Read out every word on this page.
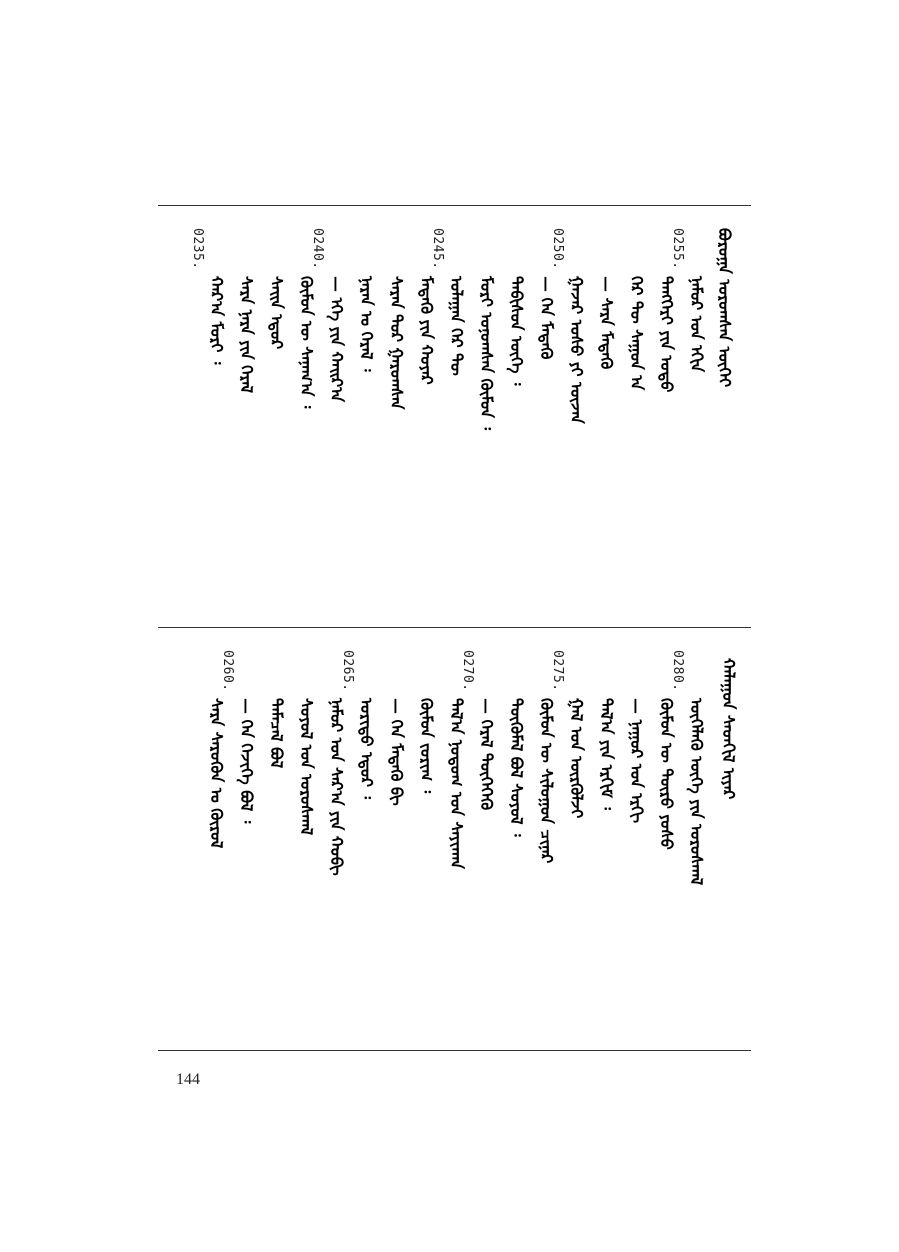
ᠪᠣᠷᠤᠭᠠ ᠣᠷᠣᠭᠰᠠᠨ ᠦᠭᠡᠢ
0255.
ᠨᠠᠮᠤᠷ ᠤᠨ ᠡᠬᠢᠨ
ᠲᠡᠩᠭᠡᠷᠢ ᠶᠢᠨ ᠣᠳᠣ
ᠭᠡᠷ ᠲᠦ ᠰᠠᠭᠤᠨ ᠠ
— ᠰᠠᠷᠠ ᠮᠡᠳᠡᠬᠦ
0250.
ᠭᠠᠵᠠᠷ ᠤᠰᠤ ᠶᠢ ᠦᠵᠡᠨ
— ᠬᠡᠨ ᠮᠡᠳᠡᠬᠦ
ᠲᠠᠪᠢᠰᠤᠨ ᠦᠭᠡ ᠄
ᠮᠣᠷᠢ ᠤᠨᠤᠭᠰᠠᠨ ᠬᠥᠮᠦᠨ ᠄
0245.
ᠤᠯᠠᠭᠠᠨ ᠭᠡᠷ ᠲᠦ
ᠮᠡᠳᠡᠬᠦ ᠶᠢᠨ ᠬᠣᠶᠠᠷ
ᠰᠠᠷᠠᠨ ᠳᠣᠷ ᠭᠠᠷᠤᠭᠰᠠᠨ
ᠨᠠᠷᠠᠨ ᠤ ᠭᠡᠷᠡᠯ ᠄
0240.
— ᠡᠬᠡ ᠶᠢᠨ ᠬᠠᠢᠷ᠎ᠠ
ᠬᠦᠮᠦᠨ ᠦ ᠰᠠᠨᠠᠭ᠎ᠠ ᠄
ᠰᠠᠢᠨ ᠡᠳᠦᠷ
ᠰᠠᠷᠠ ᠨᠠᠷᠠ ᠶᠢᠨ ᠭᠡᠷᠡᠯ
0235.
ᠬᠠᠷ᠎ᠠ ᠮᠣᠷᠢ ᠄
ᠬᠠᠯᠠᠭᠤᠨ ᠰᠡᠳᠬᠢᠯ ᠢᠶᠡᠷ
0280.
ᠦᠭᠡᠯᠡᠬᠦ ᠦᠭᠡ ᠶᠢᠨ ᠤᠷᠤᠰᠬᠠᠯ
ᠬᠦᠮᠦᠨ ᠦ ᠲᠥᠷᠥ ᠶᠣᠰᠤ
— ᠨᠠᠭᠤᠷ ᠤᠨ ᠡᠷᠭᠢ
ᠲᠠᠯ᠎ᠠ ᠶᠢᠨ ᠡᠷᠬᠢᠮ ᠄
0275.
ᠭᠠᠯ ᠤᠨ ᠦᠷᠭᠦᠯᠵᠢ
ᠬᠥᠮᠦᠨ ᠦ ᠰᠢᠯᠤᠭᠤᠨ ᠴᠢᠨᠠᠷ
ᠲᠦᠭᠦᠮᠡᠯ ᠪᠣᠯ ᠰᠣᠶᠣᠯ ᠄
0270.
— ᠭᠡᠷᠡᠯ ᠲᠦᠭᠡᠭᠡᠬᠦ
ᠲᠠᠯ᠎ᠠ ᠨᠤᠲᠤᠭ ᠤᠨ ᠰᠠᠶᠢᠬᠠᠨ
ᠬᠦᠮᠦᠨ ᠵᠣᠷᠢᠭ ᠄
— ᠬᠡᠨ ᠮᠡᠳᠡᠬᠦ ᠪᠢ
0265.
ᠤᠷᠢᠳᠤ ᠡᠳᠦᠷ ᠄
ᠨᠠᠮᠤᠷ ᠤᠨ ᠰᠠᠷ᠎ᠠ ᠶᠢᠨ ᠬᠤᠪᠢ
ᠰᠣᠶᠣᠯ ᠤᠨ ᠤᠷᠤᠰᠬᠠᠯ
ᠲᠡᠮᠡᠴᠡᠯ ᠪᠣᠯ
0260.
— ᠬᠡᠨ ᠬᠡᠵᠢᠭᠡ ᠪᠣᠯ ᠄
ᠰᠠᠷᠠ ᠰᠡᠷᠦᠭᠦᠨ ᠤ ᠬᠦᠷᠦᠯ
144
